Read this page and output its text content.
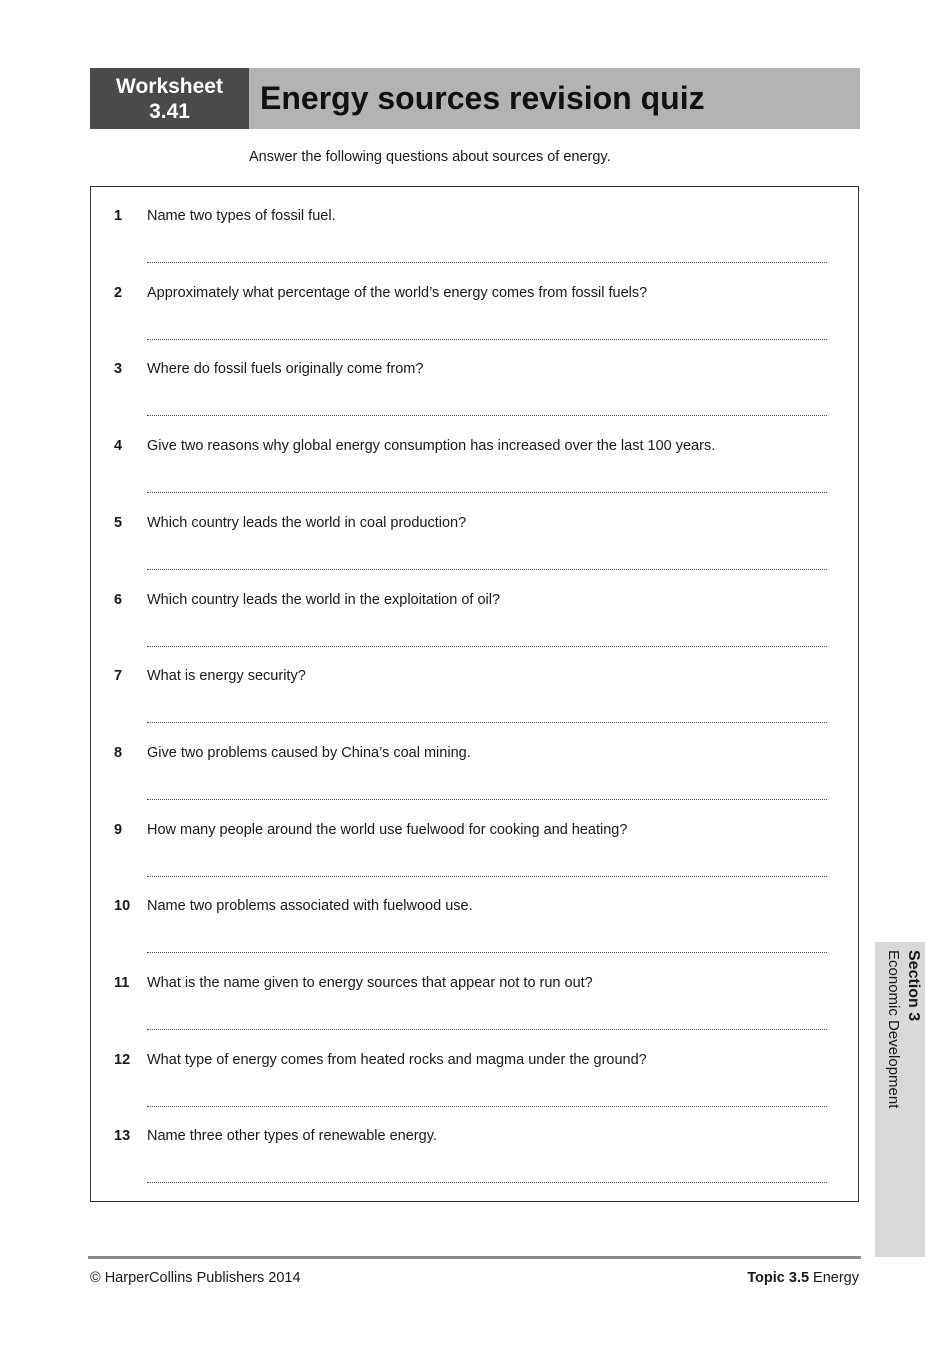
Worksheet
3.41 Energy sources revision quiz
Answer the following questions about sources of energy.
1 Name two types of fossil fuel.
2 Approximately what percentage of the world’s energy comes from fossil fuels?
3 Where do fossil fuels originally come from?
4 Give two reasons why global energy consumption has increased over the last 100 years.
5 Which country leads the world in coal production?
6 Which country leads the world in the exploitation of oil?
7 What is energy security?
8 Give two problems caused by China’s coal mining.
9 How many people around the world use fuelwood for cooking and heating?
10 Name two problems associated with fuelwood use.
11 What is the name given to energy sources that appear not to run out?
12 What type of energy comes from heated rocks and magma under the ground?
13 Name three other types of renewable energy.
Section 3
Economic Development
© HarperCollins Publishers 2014	Topic 3.5 Energy
